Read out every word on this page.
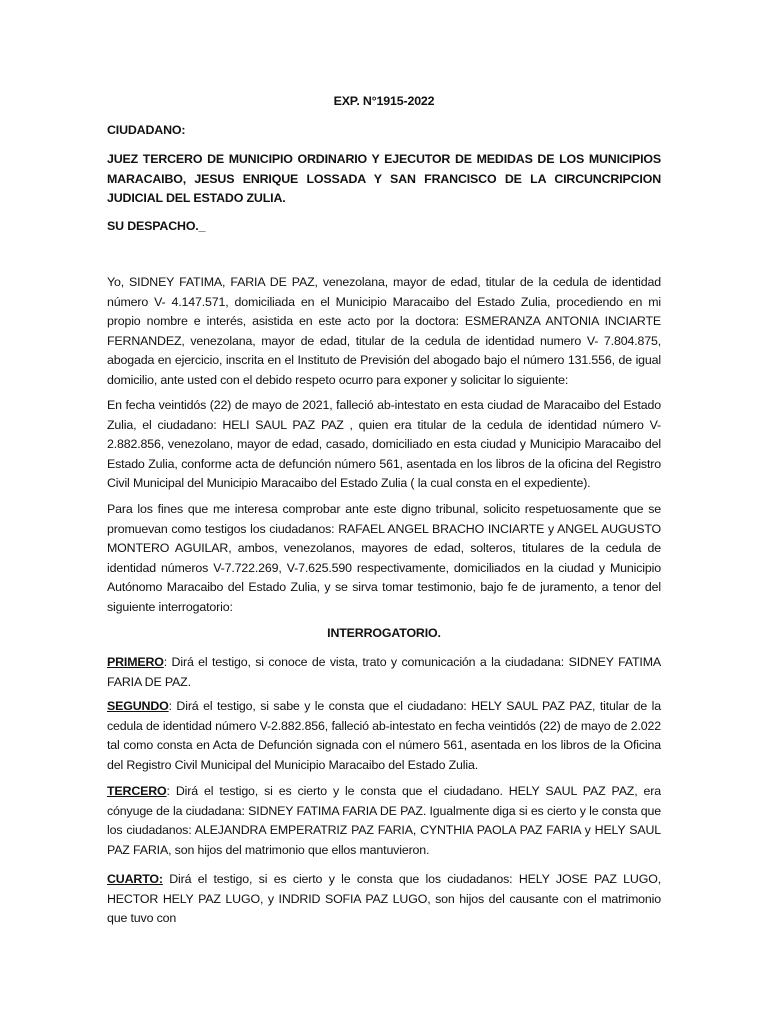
EXP. N°1915-2022

CIUDADANO:

JUEZ TERCERO DE MUNICIPIO ORDINARIO Y EJECUTOR DE MEDIDAS DE LOS MUNICIPIOS MARACAIBO, JESUS ENRIQUE LOSSADA Y SAN FRANCISCO DE LA CIRCUNCRIPCION JUDICIAL DEL ESTADO ZULIA.

SU DESPACHO._

Yo, SIDNEY FATIMA, FARIA DE PAZ, venezolana, mayor de edad, titular de la cedula de identidad número V- 4.147.571, domiciliada en el Municipio Maracaibo del Estado Zulia, procediendo en mi propio nombre e interés, asistida en este acto por la doctora: ESMERANZA ANTONIA INCIARTE FERNANDEZ, venezolana, mayor de edad, titular de la cedula de identidad numero V- 7.804.875, abogada en ejercicio, inscrita en el Instituto de Previsión del abogado bajo el número 131.556, de igual domicilio, ante usted con el debido respeto ocurro para exponer y solicitar lo siguiente:

En fecha veintidós (22) de mayo de 2021, falleció ab-intestato en esta ciudad de Maracaibo del Estado Zulia, el ciudadano: HELI SAUL PAZ PAZ , quien era titular de la cedula de identidad número V-2.882.856, venezolano, mayor de edad, casado, domiciliado en esta ciudad y Municipio Maracaibo del Estado Zulia, conforme acta de defunción número 561, asentada en los libros de la oficina del Registro Civil Municipal del Municipio Maracaibo del Estado Zulia ( la cual consta en el expediente).

Para los fines que me interesa comprobar ante este digno tribunal, solicito respetuosamente que se promuevan como testigos los ciudadanos: RAFAEL ANGEL BRACHO INCIARTE y ANGEL AUGUSTO MONTERO AGUILAR, ambos, venezolanos, mayores de edad, solteros, titulares de la cedula de identidad números V-7.722.269, V-7.625.590 respectivamente, domiciliados en la ciudad y Municipio Autónomo Maracaibo del Estado Zulia, y se sirva tomar testimonio, bajo fe de juramento, a tenor del siguiente interrogatorio:

INTERROGATORIO.

PRIMERO: Dirá el testigo, si conoce de vista, trato y comunicación a la ciudadana: SIDNEY FATIMA FARIA DE PAZ.

SEGUNDO: Dirá el testigo, si sabe y le consta que el ciudadano: HELY SAUL PAZ PAZ, titular de la cedula de identidad número V-2.882.856, falleció ab-intestato en fecha veintidós (22) de mayo de 2.022 tal como consta en Acta de Defunción signada con el número 561, asentada en los libros de la Oficina del Registro Civil Municipal del Municipio Maracaibo del Estado Zulia.

TERCERO: Dirá el testigo, si es cierto y le consta que el ciudadano. HELY SAUL PAZ PAZ, era cónyuge de la ciudadana: SIDNEY FATIMA FARIA DE PAZ. Igualmente diga si es cierto y le consta que los ciudadanos: ALEJANDRA EMPERATRIZ PAZ FARIA, CYNTHIA PAOLA PAZ FARIA y HELY SAUL PAZ FARIA, son hijos del matrimonio que ellos mantuvieron.

CUARTO: Dirá el testigo, si es cierto y le consta que los ciudadanos: HELY JOSE PAZ LUGO, HECTOR HELY PAZ LUGO, y INDRID SOFIA PAZ LUGO, son hijos del causante con el matrimonio que tuvo con
